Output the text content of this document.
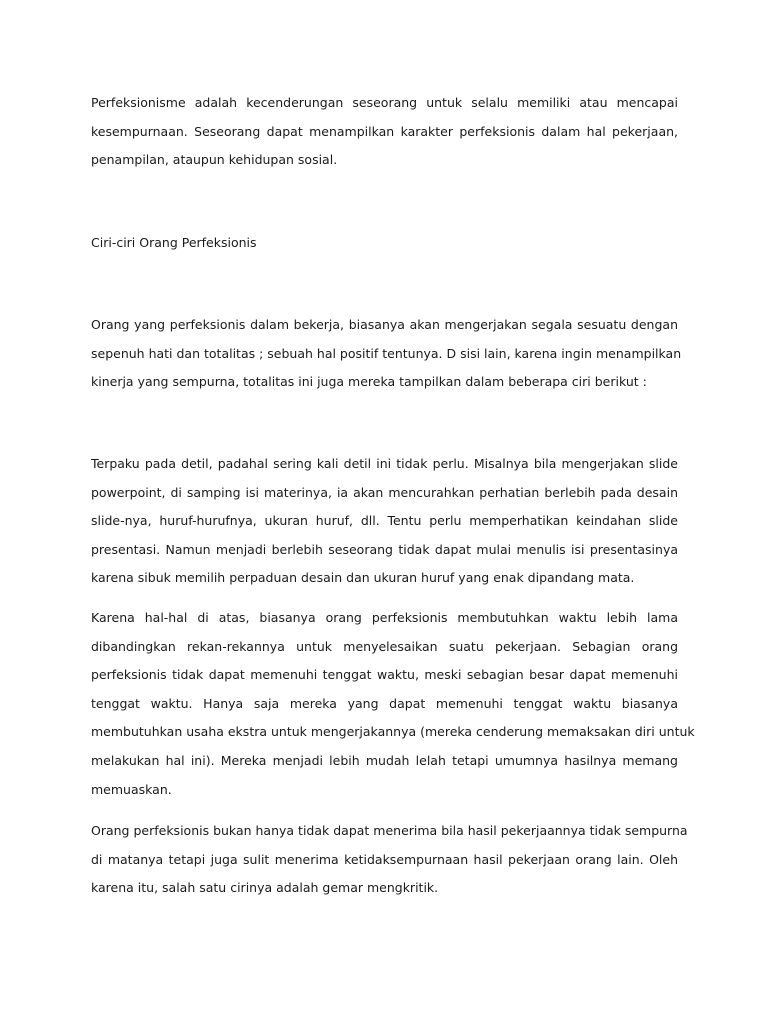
Perfeksionisme adalah kecenderungan seseorang untuk selalu memiliki atau mencapai
kesempurnaan. Seseorang dapat menampilkan karakter perfeksionis dalam hal pekerjaan,
penampilan, ataupun kehidupan sosial.

Ciri-ciri Orang Perfeksionis

Orang yang perfeksionis dalam bekerja, biasanya akan mengerjakan segala sesuatu dengan
sepenuh hati dan totalitas ; sebuah hal positif tentunya. D sisi lain, karena ingin menampilkan
kinerja yang sempurna, totalitas ini juga mereka tampilkan dalam beberapa ciri berikut :

Terpaku pada detil, padahal sering kali detil ini tidak perlu. Misalnya bila mengerjakan slide
powerpoint, di samping isi materinya, ia akan mencurahkan perhatian berlebih pada desain
slide-nya, huruf-hurufnya, ukuran huruf, dll. Tentu perlu memperhatikan keindahan slide
presentasi. Namun menjadi berlebih seseorang tidak dapat mulai menulis isi presentasinya
karena sibuk memilih perpaduan desain dan ukuran huruf yang enak dipandang mata.

Karena hal-hal di atas, biasanya orang perfeksionis membutuhkan waktu lebih lama
dibandingkan rekan-rekannya untuk menyelesaikan suatu pekerjaan. Sebagian orang
perfeksionis tidak dapat memenuhi tenggat waktu, meski sebagian besar dapat memenuhi
tenggat waktu. Hanya saja mereka yang dapat memenuhi tenggat waktu biasanya
membutuhkan usaha ekstra untuk mengerjakannya (mereka cenderung memaksakan diri untuk
melakukan hal ini). Mereka menjadi lebih mudah lelah tetapi umumnya hasilnya memang
memuaskan.

Orang perfeksionis bukan hanya tidak dapat menerima bila hasil pekerjaannya tidak sempurna
di matanya tetapi juga sulit menerima ketidaksempurnaan hasil pekerjaan orang lain. Oleh
karena itu, salah satu cirinya adalah gemar mengkritik.
